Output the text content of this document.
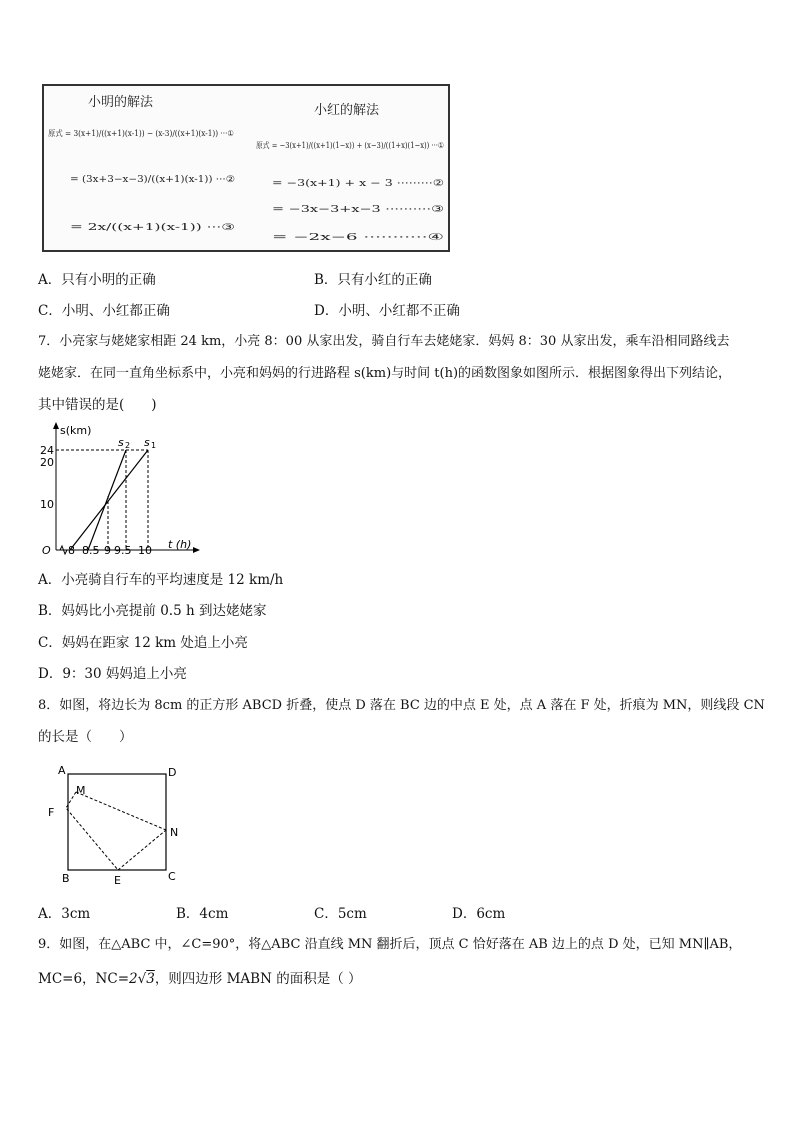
小明的解法
原式 = 3(x+1)/((x+1)(x-1)) − (x-3)/((x+1)(x-1)) ···①
= (3x+3−x−3)/((x+1)(x-1)) ···②
= 2x/((x+1)(x-1)) ···③
小红的解法
原式 = −3(x+1)/((x+1)(1−x)) + (x−3)/((1+x)(1−x)) ···①
= −3(x+1) + x − 3 ·········②
= −3x−3+x−3 ··········③
= −2x−6 ···········④
A．只有小明的正确	B．只有小红的正确
C．小明、小红都正确	D．小明、小红都不正确
7．小亮家与姥姥家相距 24 km，小亮 8：00 从家出发，骑自行车去姥姥家．妈妈 8：30 从家出发，乘车沿相同路线去
姥姥家．在同一直角坐标系中，小亮和妈妈的行进路程 s(km)与时间 t(h)的函数图象如图所示．根据图象得出下列结论，
其中错误的是(　　)
s(km)
t (h)
O
24
20
10
8 8.5 9 9.5 10
s 2 s 1
A．小亮骑自行车的平均速度是 12 km/h
B．妈妈比小亮提前 0.5 h 到达姥姥家
C．妈妈在距家 12 km 处追上小亮
D．9：30 妈妈追上小亮
8．如图，将边长为 8cm 的正方形 ABCD 折叠，使点 D 落在 BC 边的中点 E 处，点 A 落在 F 处，折痕为 MN，则线段 CN
的长是（　　）
A	D
M
F
N
B	E	C
A．3cm	B．4cm	C．5cm	D．6cm
9．如图，在△ABC 中，∠C=90°，将△ABC 沿直线 MN 翻折后，顶点 C 恰好落在 AB 边上的点 D 处，已知 MN∥AB，
MC=6，NC=2√3，则四边形 MABN 的面积是（ ）
